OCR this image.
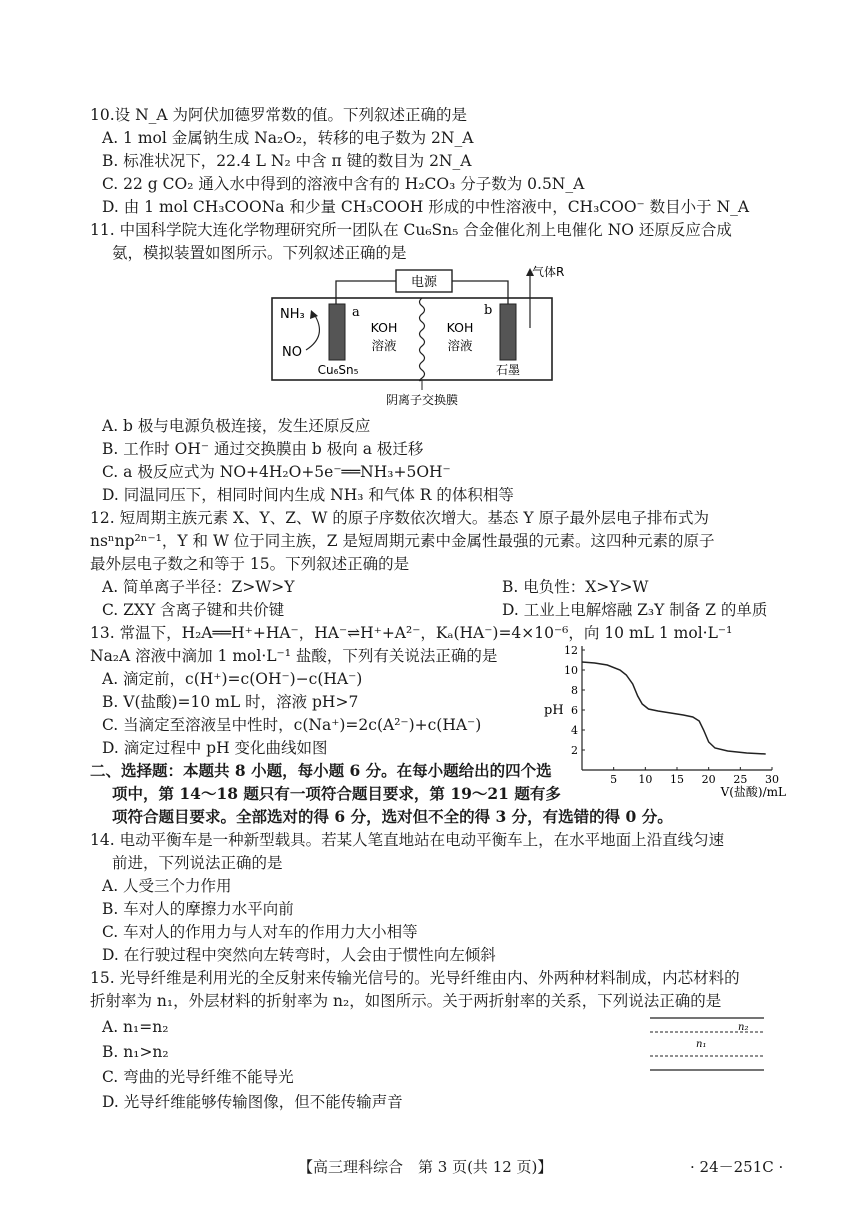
10.设 N_A 为阿伏加德罗常数的值。下列叙述正确的是
A. 1 mol 金属钠生成 Na₂O₂，转移的电子数为 2N_A
B. 标准状况下，22.4 L N₂ 中含 π 键的数目为 2N_A
C. 22 g CO₂ 通入水中得到的溶液中含有的 H₂CO₃ 分子数为 0.5N_A
D. 由 1 mol CH₃COONa 和少量 CH₃COOH 形成的中性溶液中，CH₃COO⁻ 数目小于 N_A
11. 中国科学院大连化学物理研究所一团队在 Cu₆Sn₅ 合金催化剂上电催化 NO 还原反应合成
氨，模拟装置如图所示。下列叙述正确的是
电源
气体R
NH₃
NO
a	b
KOH
溶液
KOH
溶液
Cu₆Sn₅	石墨
阴离子交换膜
A. b 极与电源负极连接，发生还原反应
B. 工作时 OH⁻ 通过交换膜由 b 极向 a 极迁移
C. a 极反应式为 NO+4H₂O+5e⁻══NH₃+5OH⁻
D. 同温同压下，相同时间内生成 NH₃ 和气体 R 的体积相等
12. 短周期主族元素 X、Y、Z、W 的原子序数依次增大。基态 Y 原子最外层电子排布式为
nsⁿnp²ⁿ⁻¹，Y 和 W 位于同主族，Z 是短周期元素中金属性最强的元素。这四种元素的原子
最外层电子数之和等于 15。下列叙述正确的是
A. 简单离子半径：Z>W>Y	B. 电负性：X>Y>W
C. ZXY 含离子键和共价键	D. 工业上电解熔融 Z₃Y 制备 Z 的单质
13. 常温下，H₂A══H⁺+HA⁻，HA⁻⇌H⁺+A²⁻，Kₐ(HA⁻)=4×10⁻⁶，向 10 mL 1 mol·L⁻¹
Na₂A 溶液中滴加 1 mol·L⁻¹ 盐酸，下列有关说法正确的是
A. 滴定前，c(H⁺)=c(OH⁻)−c(HA⁻)
B. V(盐酸)=10 mL 时，溶液 pH>7
C. 当滴定至溶液呈中性时，c(Na⁺)=2c(A²⁻)+c(HA⁻)
D. 滴定过程中 pH 变化曲线如图
5 10 15 20 25 30
2
4
6
8
10
12
pH
V(盐酸)/mL
二、选择题：本题共 8 小题，每小题 6 分。在每小题给出的四个选
项中，第 14～18 题只有一项符合题目要求，第 19～21 题有多
项符合题目要求。全部选对的得 6 分，选对但不全的得 3 分，有选错的得 0 分。
14. 电动平衡车是一种新型载具。若某人笔直地站在电动平衡车上，在水平地面上沿直线匀速
前进，下列说法正确的是
A. 人受三个力作用
B. 车对人的摩擦力水平向前
C. 车对人的作用力与人对车的作用力大小相等
D. 在行驶过程中突然向左转弯时，人会由于惯性向左倾斜
15. 光导纤维是利用光的全反射来传输光信号的。光导纤维由内、外两种材料制成，内芯材料的
折射率为 n₁，外层材料的折射率为 n₂，如图所示。关于两折射率的关系，下列说法正确的是
A. n₁=n₂
B. n₁>n₂
C. 弯曲的光导纤维不能导光
D. 光导纤维能够传输图像，但不能传输声音
n₂
n₁
【高三理科综合　第 3 页(共 12 页)】	· 24－251C ·
